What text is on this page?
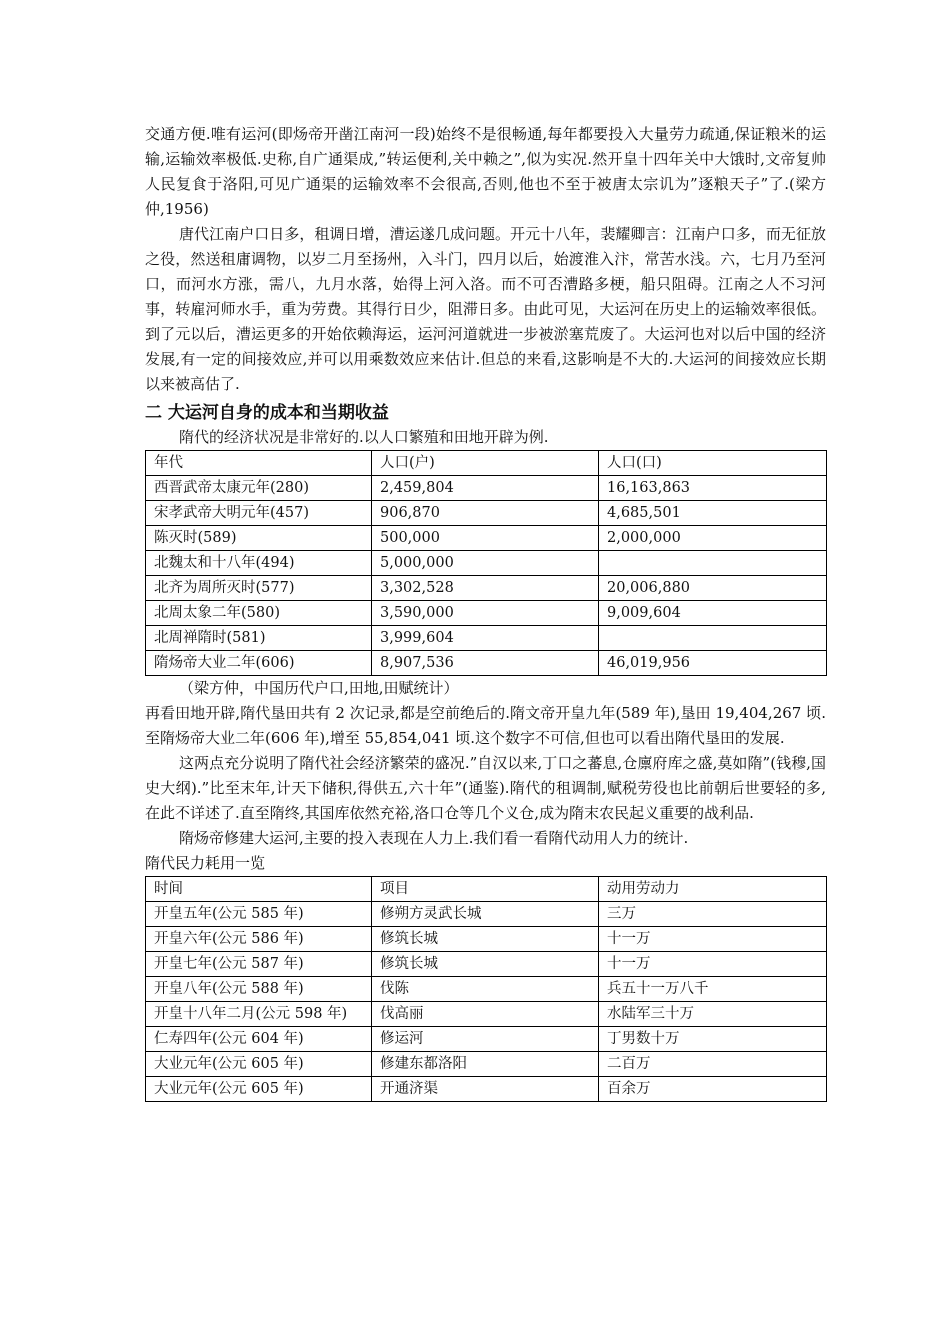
交通方便.唯有运河(即炀帝开凿江南河一段)始终不是很畅通,每年都要投入大量劳力疏通,保证粮米的运输,运输效率极低.史称,自广通渠成,”转运便利,关中赖之”,似为实况.然开皇十四年关中大饿时,文帝复帅人民复食于洛阳,可见广通渠的运输效率不会很高,否则,他也不至于被唐太宗讥为”逐粮天子”了.(梁方仲,1956)

唐代江南户口日多，租调日增，漕运遂几成问题。开元十八年，裴耀卿言：江南户口多，而无征放之役，然送租庸调物，以岁二月至扬州，入斗门，四月以后，始渡淮入汴，常苦水浅。六，七月乃至河口，而河水方涨，需八，九月水落，始得上河入洛。而不可否漕路多梗，船只阻碍。江南之人不习河事，转雇河师水手，重为劳费。其得行日少，阻滞日多。由此可见，大运河在历史上的运输效率很低。到了元以后，漕运更多的开始依赖海运，运河河道就进一步被淤塞荒废了。大运河也对以后中国的经济发展,有一定的间接效应,并可以用乘数效应来估计.但总的来看,这影响是不大的.大运河的间接效应长期以来被高估了.

二 大运河自身的成本和当期收益

隋代的经济状况是非常好的.以人口繁殖和田地开辟为例.

年代	人口(户)	人口(口)
西晋武帝太康元年(280)	2,459,804	16,163,863
宋孝武帝大明元年(457)	906,870	4,685,501
陈灭时(589)	500,000	2,000,000
北魏太和十八年(494)	5,000,000	
北齐为周所灭时(577)	3,302,528	20,006,880
北周太象二年(580)	3,590,000	9,009,604
北周禅隋时(581)	3,999,604	
隋炀帝大业二年(606)	8,907,536	46,019,956

（梁方仲，中国历代户口,田地,田赋统计）

再看田地开辟,隋代垦田共有 2 次记录,都是空前绝后的.隋文帝开皇九年(589 年),垦田 19,404,267 顷.至隋炀帝大业二年(606 年),增至 55,854,041 顷.这个数字不可信,但也可以看出隋代垦田的发展.

这两点充分说明了隋代社会经济繁荣的盛况.”自汉以来,丁口之蕃息,仓廪府库之盛,莫如隋”(钱穆,国史大纲).”比至末年,计天下储积,得供五,六十年”(通鉴).隋代的租调制,赋税劳役也比前朝后世要轻的多,在此不详述了.直至隋终,其国库依然充裕,洛口仓等几个义仓,成为隋末农民起义重要的战利品.

隋炀帝修建大运河,主要的投入表现在人力上.我们看一看隋代动用人力的统计.

隋代民力耗用一览
时间	项目	动用劳动力
开皇五年(公元 585 年)	修朔方灵武长城	三万
开皇六年(公元 586 年)	修筑长城	十一万
开皇七年(公元 587 年)	修筑长城	十一万
开皇八年(公元 588 年)	伐陈	兵五十一万八千
开皇十八年二月(公元 598 年)	伐高丽	水陆军三十万
仁寿四年(公元 604 年)	修运河	丁男数十万
大业元年(公元 605 年)	修建东都洛阳	二百万
大业元年(公元 605 年)	开通济渠	百余万
